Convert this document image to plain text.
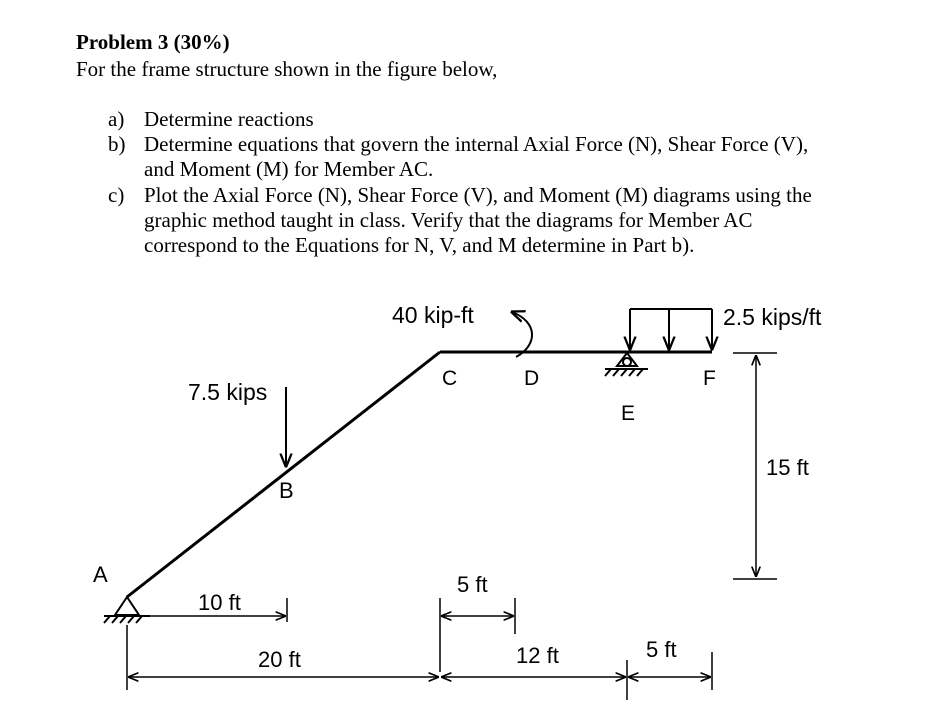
Problem 3 (30%)
For the frame structure shown in the figure below,
a) Determine reactions
b) Determine equations that govern the internal Axial Force (N), Shear Force (V),
and Moment (M) for Member AC.
c) Plot the Axial Force (N), Shear Force (V), and Moment (M) diagrams using the
graphic method taught in class. Verify that the diagrams for Member AC
correspond to the Equations for N, V, and M determine in Part b).
40 kip-ft	2.5 kips/ft
7.5 kips
A
B
C	D
E
F
15 ft
10 ft
20 ft
5 ft
12 ft	5 ft
